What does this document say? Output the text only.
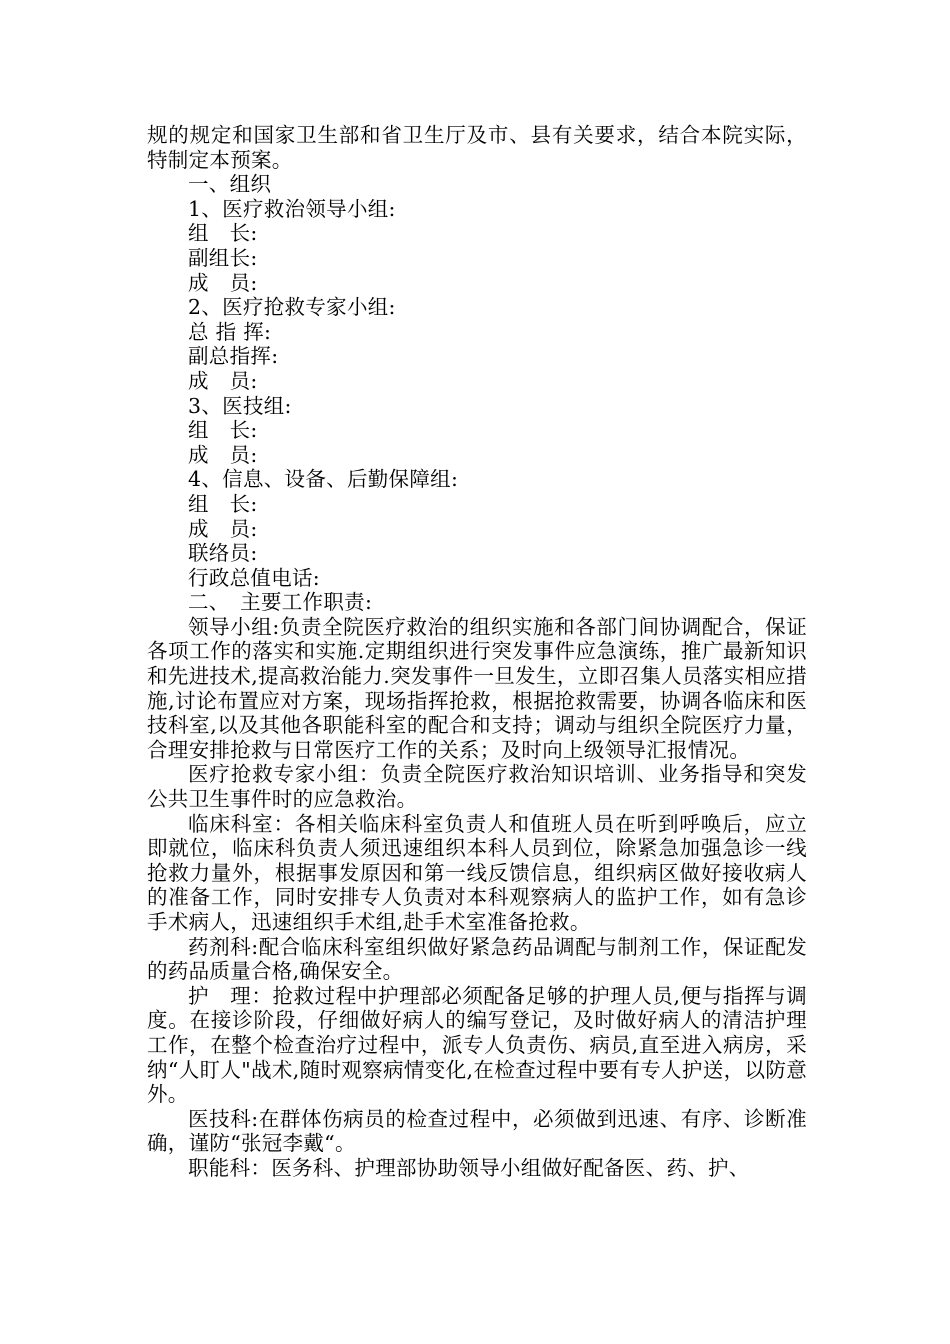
规的规定和国家卫生部和省卫生厅及市、县有关要求，结合本院实际，特制定本预案。

一、组织

1、医疗救治领导小组:

组　长:

副组长:

成　员:

2、医疗抢救专家小组:

总 指 挥:

副总指挥:

成　员:

3、医技组:

组　长:

成　员:

4、信息、设备、后勤保障组:

组　长:

成　员:

联络员:

行政总值电话:

二、　主要工作职责:

领导小组:负责全院医疗救治的组织实施和各部门间协调配合，保证各项工作的落实和实施.定期组织进行突发事件应急演练，推广最新知识和先进技术,提高救治能力.突发事件一旦发生，立即召集人员落实相应措施,讨论布置应对方案，现场指挥抢救，根据抢救需要，协调各临床和医技科室,以及其他各职能科室的配合和支持；调动与组织全院医疗力量，合理安排抢救与日常医疗工作的关系；及时向上级领导汇报情况。

医疗抢救专家小组：负责全院医疗救治知识培训、业务指导和突发公共卫生事件时的应急救治。

临床科室：各相关临床科室负责人和值班人员在听到呼唤后，应立即就位，临床科负责人须迅速组织本科人员到位，除紧急加强急诊一线抢救力量外，根据事发原因和第一线反馈信息，组织病区做好接收病人的准备工作，同时安排专人负责对本科观察病人的监护工作，如有急诊手术病人，迅速组织手术组,赴手术室准备抢救。

药剂科:配合临床科室组织做好紧急药品调配与制剂工作，保证配发的药品质量合格,确保安全。

护　理：抢救过程中护理部必须配备足够的护理人员,便与指挥与调度。在接诊阶段，仔细做好病人的编写登记，及时做好病人的清洁护理工作，在整个检查治疗过程中，派专人负责伤、病员,直至进入病房，采纳“人盯人"战术,随时观察病情变化,在检查过程中要有专人护送，以防意外。

医技科:在群体伤病员的检查过程中，必须做到迅速、有序、诊断准确，谨防“张冠李戴“。

职能科：医务科、护理部协助领导小组做好配备医、药、护、
